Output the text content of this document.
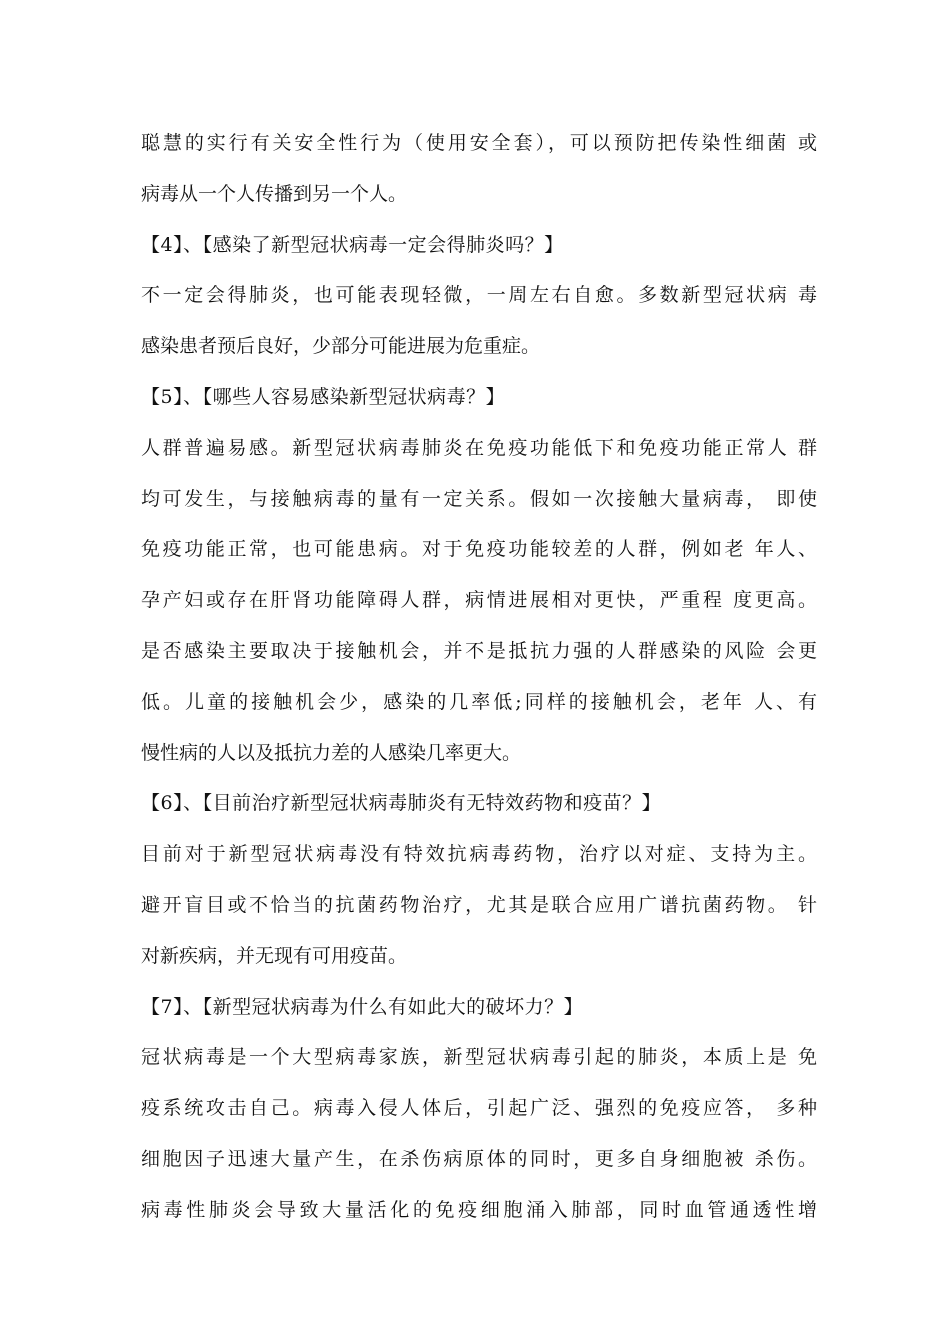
聪慧的实行有关安全性行为（使用安全套），可以预防把传染性细菌 或
病毒从一个人传播到另一个人。
【4】、【感染了新型冠状病毒一定会得肺炎吗？】
不一定会得肺炎，也可能表现轻微，一周左右自愈。多数新型冠状病 毒
感染患者预后良好，少部分可能进展为危重症。
【5】、【哪些人容易感染新型冠状病毒？】
人群普遍易感。新型冠状病毒肺炎在免疫功能低下和免疫功能正常人 群
均可发生，与接触病毒的量有一定关系。假如一次接触大量病毒， 即使
免疫功能正常，也可能患病。对于免疫功能较差的人群，例如老 年人、
孕产妇或存在肝肾功能障碍人群，病情进展相对更快，严重程 度更高。
是否感染主要取决于接触机会，并不是抵抗力强的人群感染的风险 会更
低。儿童的接触机会少，感染的几率低;同样的接触机会，老年 人、有
慢性病的人以及抵抗力差的人感染几率更大。
【6】、【目前治疗新型冠状病毒肺炎有无特效药物和疫苗？】
目前对于新型冠状病毒没有特效抗病毒药物，治疗以对症、支持为主。
避开盲目或不恰当的抗菌药物治疗，尤其是联合应用广谱抗菌药物。 针
对新疾病，并无现有可用疫苗。
【7】、【新型冠状病毒为什么有如此大的破坏力？】
冠状病毒是一个大型病毒家族，新型冠状病毒引起的肺炎，本质上是 免
疫系统攻击自己。病毒入侵人体后，引起广泛、强烈的免疫应答， 多种
细胞因子迅速大量产生，在杀伤病原体的同时，更多自身细胞被 杀伤。
病毒性肺炎会导致大量活化的免疫细胞涌入肺部，同时血管通透性增
